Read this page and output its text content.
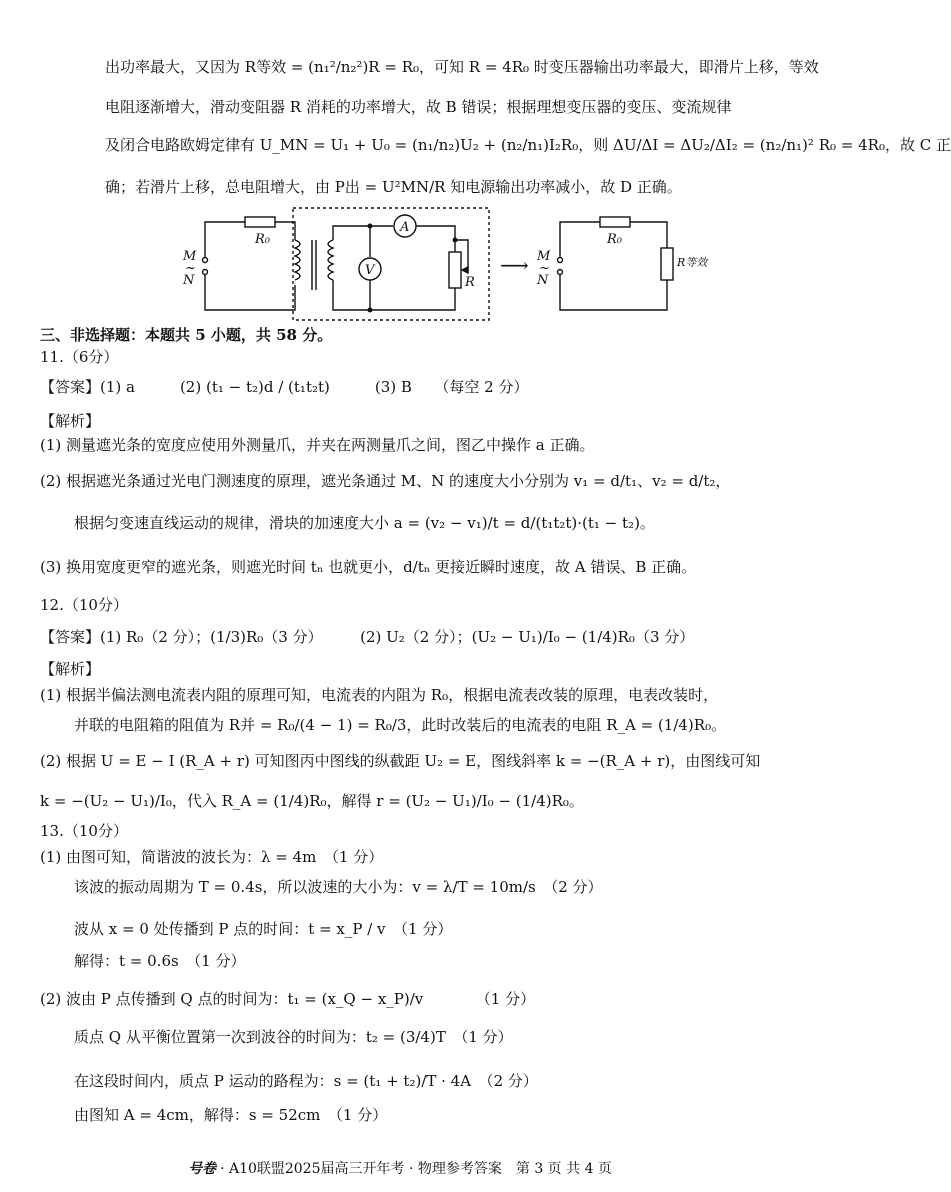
出功率最大，又因为 R等效 = (n₁²/n₂²)R = R₀，可知 R = 4R₀ 时变压器输出功率最大，即滑片上移，等效
电阻逐渐增大，滑动变阻器 R 消耗的功率增大，故 B 错误；根据理想变压器的变压、变流规律
及闭合电路欧姆定律有 U_MN = U₁ + U₀ = (n₁/n₂)U₂ + (n₂/n₁)I₂R₀，则 ΔU/ΔI = ΔU₂/ΔI₂ = (n₂/n₁)² R₀ = 4R₀，故 C 正
确；若滑片上移，总电阻增大，由 P出 = U²MN/R 知电源输出功率减小，故 D 正确。
R₀
M
~
N
A
V
R
⟶
R₀
M
~
N
R等效
三、非选择题：本题共 5 小题，共 58 分。
11.（6分）
【答案】(1) a　　　(2) (t₁ − t₂)d / (t₁t₂t)　　　(3) B　　（每空 2 分）
【解析】
(1) 测量遮光条的宽度应使用外测量爪，并夹在两测量爪之间，图乙中操作 a 正确。
(2) 根据遮光条通过光电门测速度的原理，遮光条通过 M、N 的速度大小分别为 v₁ = d/t₁、v₂ = d/t₂，
根据匀变速直线运动的规律，滑块的加速度大小 a = (v₂ − v₁)/t = d/(t₁t₂t)·(t₁ − t₂)。
(3) 换用宽度更窄的遮光条，则遮光时间 tₙ 也就更小，d/tₙ 更接近瞬时速度，故 A 错误、B 正确。
12.（10分）
【答案】(1) R₀（2 分）；(1/3)R₀（3 分）　　　(2) U₂（2 分）；(U₂ − U₁)/I₀ − (1/4)R₀（3 分）
【解析】
(1) 根据半偏法测电流表内阻的原理可知，电流表的内阻为 R₀，根据电流表改装的原理，电表改装时，
并联的电阻箱的阻值为 R并 = R₀/(4 − 1) = R₀/3，此时改装后的电流表的电阻 R_A = (1/4)R₀。
(2) 根据 U = E − I (R_A + r) 可知图丙中图线的纵截距 U₂ = E，图线斜率 k = −(R_A + r)，由图线可知
k = −(U₂ − U₁)/I₀，代入 R_A = (1/4)R₀，解得 r = (U₂ − U₁)/I₀ − (1/4)R₀。
13.（10分）
(1) 由图可知，简谐波的波长为：λ = 4m　（1 分）
该波的振动周期为 T = 0.4s，所以波速的大小为：v = λ/T = 10m/s　（2 分）
波从 x = 0 处传播到 P 点的时间：t = x_P / v　（1 分）
解得：t = 0.6s　（1 分）
(2) 波由 P 点传播到 Q 点的时间为：t₁ = (x_Q − x_P)/v　　　　（1 分）
质点 Q 从平衡位置第一次到波谷的时间为：t₂ = (3/4)T　（1 分）
在这段时间内，质点 P 运动的路程为：s = (t₁ + t₂)/T · 4A　（2 分）
由图知 A = 4cm，解得：s = 52cm　（1 分）
号卷 · A10联盟2025届高三开年考 · 物理参考答案　第 3 页 共 4 页
